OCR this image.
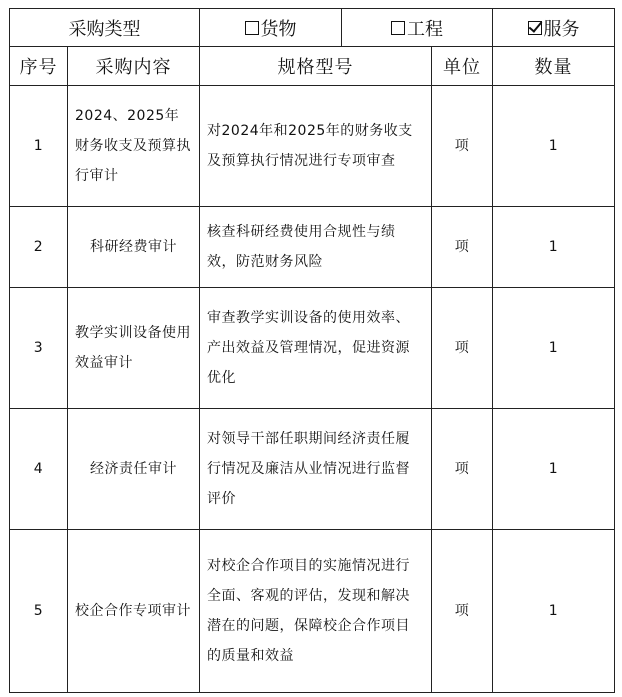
采购类型		货物	工程		服务

序号	采购内容	规格型号		单位	数量
1	2024、2025年财务收支及预算执行审计	对2024年和2025年的财务收支及预算执行情况进行专项审查		项	1
2	科研经费审计	核查科研经费使用合规性与绩效，防范财务风险		项	1
3	教学实训设备使用效益审计	审查教学实训设备的使用效率、产出效益及管理情况，促进资源优化		项	1
4	经济责任审计	对领导干部任职期间经济责任履行情况及廉洁从业情况进行监督评价		项	1
5	校企合作专项审计	对校企合作项目的实施情况进行全面、客观的评估，发现和解决潜在的问题，保障校企合作项目的质量和效益		项	1
